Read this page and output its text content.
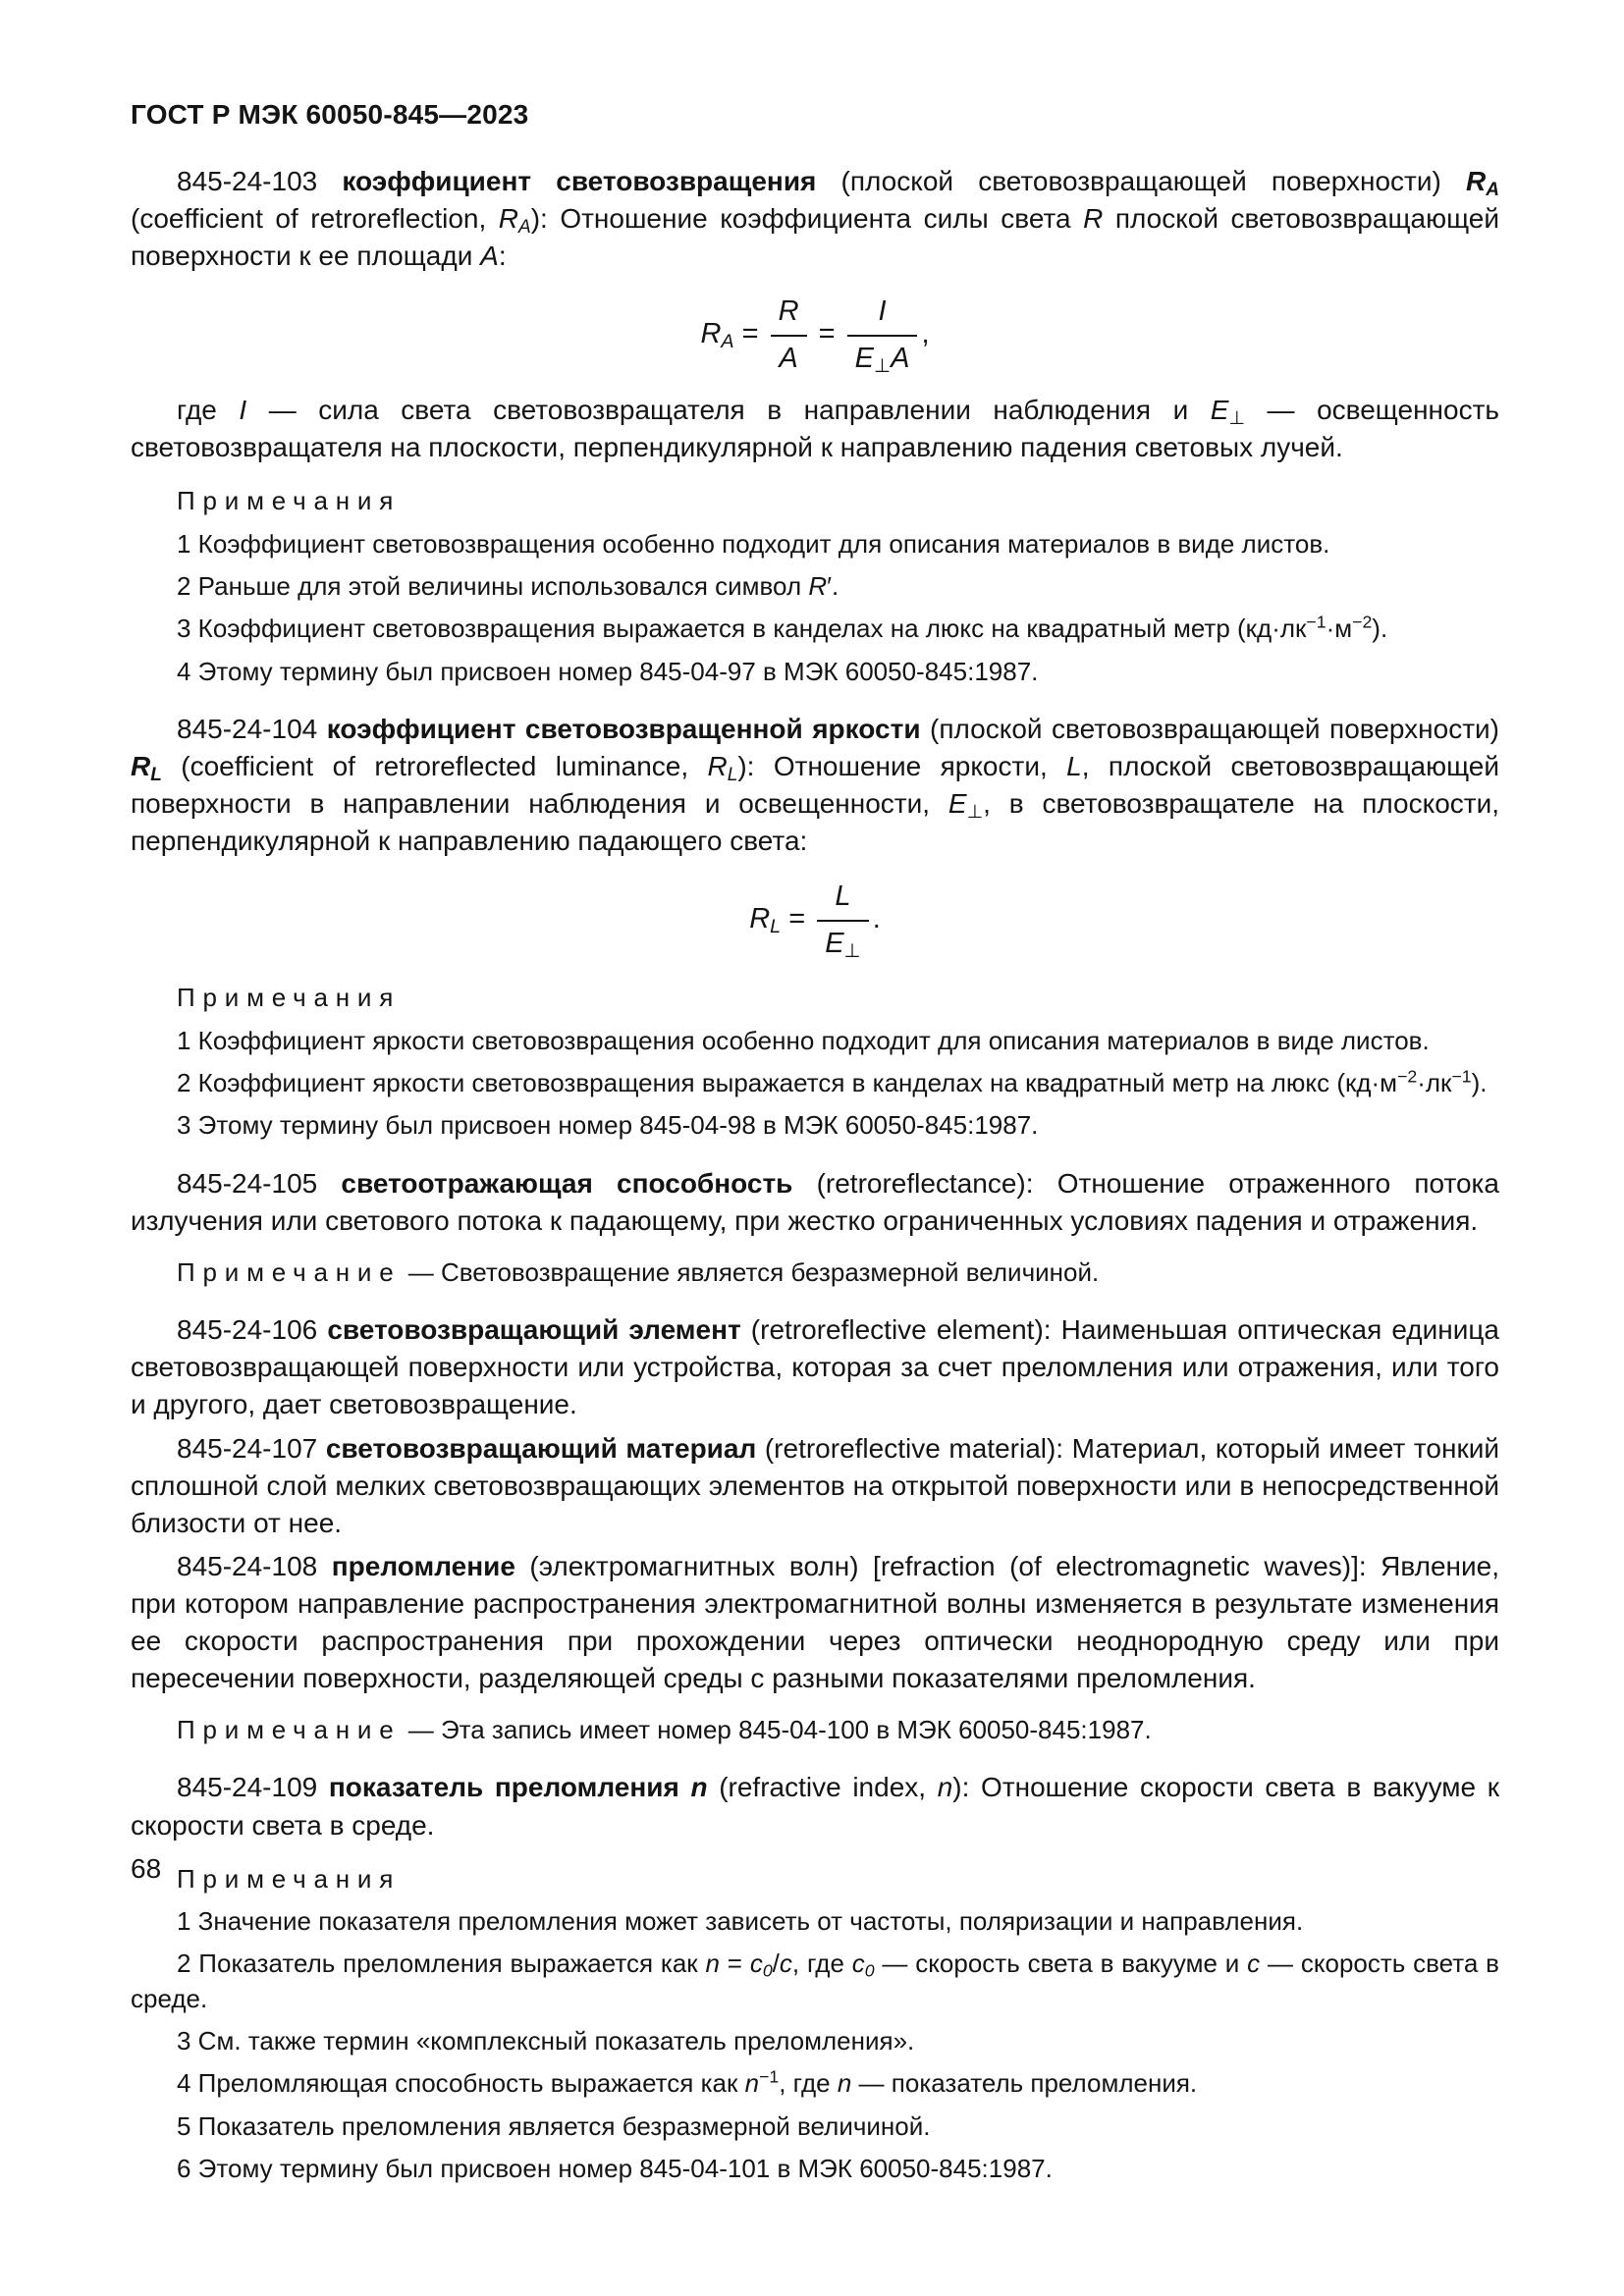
ГОСТ Р МЭК 60050-845—2023

845-24-103 коэффициент световозвращения (плоской световозвращающей поверхности) $R_A$ (coefficient of retroreflection, $R_A$): Отношение коэффициента силы света R плоской световозвращающей поверхности к ее площади A:

$R_A = \frac{R}{A} = \frac{I}{E_\perp A}$ ,

где I — сила света световозвращателя в направлении наблюдения и $E_\perp$ — освещенность световозвращателя на плоскости, перпендикулярной к направлению падения световых лучей.

Примечания

1 Коэффициент световозвращения особенно подходит для описания материалов в виде листов.

2 Раньше для этой величины использовался символ R′.

3 Коэффициент световозвращения выражается в канделах на люкс на квадратный метр $(кд\cdot лк^{-1}\cdot м^{-2})$.

4 Этому термину был присвоен номер 845-04-97 в МЭК 60050-845:1987.

845-24-104 коэффициент световозвращенной яркости (плоской световозвращающей поверхности) $R_L$ (coefficient of retroreflected luminance, $R_L$): Отношение яркости, L, плоской световозвращающей поверхности в направлении наблюдения и освещенности, $E_\perp$, в световозвращателе на плоскости, перпендикулярной к направлению падающего света:

$R_L = \frac{L}{E_\perp}$ .

Примечания

1 Коэффициент яркости световозвращения особенно подходит для описания материалов в виде листов.

2 Коэффициент яркости световозвращения выражается в канделах на квадратный метр на люкс $(кд\cdot м^{-2}\cdot лк^{-1})$.

3 Этому термину был присвоен номер 845-04-98 в МЭК 60050-845:1987.

845-24-105 светоотражающая способность (retroreflectance): Отношение отраженного потока излучения или светового потока к падающему, при жестко ограниченных условиях падения и отражения.

Примечание — Световозвращение является безразмерной величиной.

845-24-106 световозвращающий элемент (retroreflective element): Наименьшая оптическая единица световозвращающей поверхности или устройства, которая за счет преломления или отражения, или того и другого, дает световозвращение.

845-24-107 световозвращающий материал (retroreflective material): Материал, который имеет тонкий сплошной слой мелких световозвращающих элементов на открытой поверхности или в непосредственной близости от нее.

845-24-108 преломление (электромагнитных волн) [refraction (of electromagnetic waves)]: Явление, при котором направление распространения электромагнитной волны изменяется в результате изменения ее скорости распространения при прохождении через оптически неоднородную среду или при пересечении поверхности, разделяющей среды с разными показателями преломления.

Примечание — Эта запись имеет номер 845-04-100 в МЭК 60050-845:1987.

845-24-109 показатель преломления n (refractive index, n): Отношение скорости света в вакууме к скорости света в среде.

Примечания

1 Значение показателя преломления может зависеть от частоты, поляризации и направления.

2 Показатель преломления выражается как $n = c_0/c$, где $c_0$ — скорость света в вакууме и c — скорость света в среде.

3 См. также термин «комплексный показатель преломления».

4 Преломляющая способность выражается как $n^{-1}$, где n — показатель преломления.

5 Показатель преломления является безразмерной величиной.

6 Этому термину был присвоен номер 845-04-101 в МЭК 60050-845:1987.

68
